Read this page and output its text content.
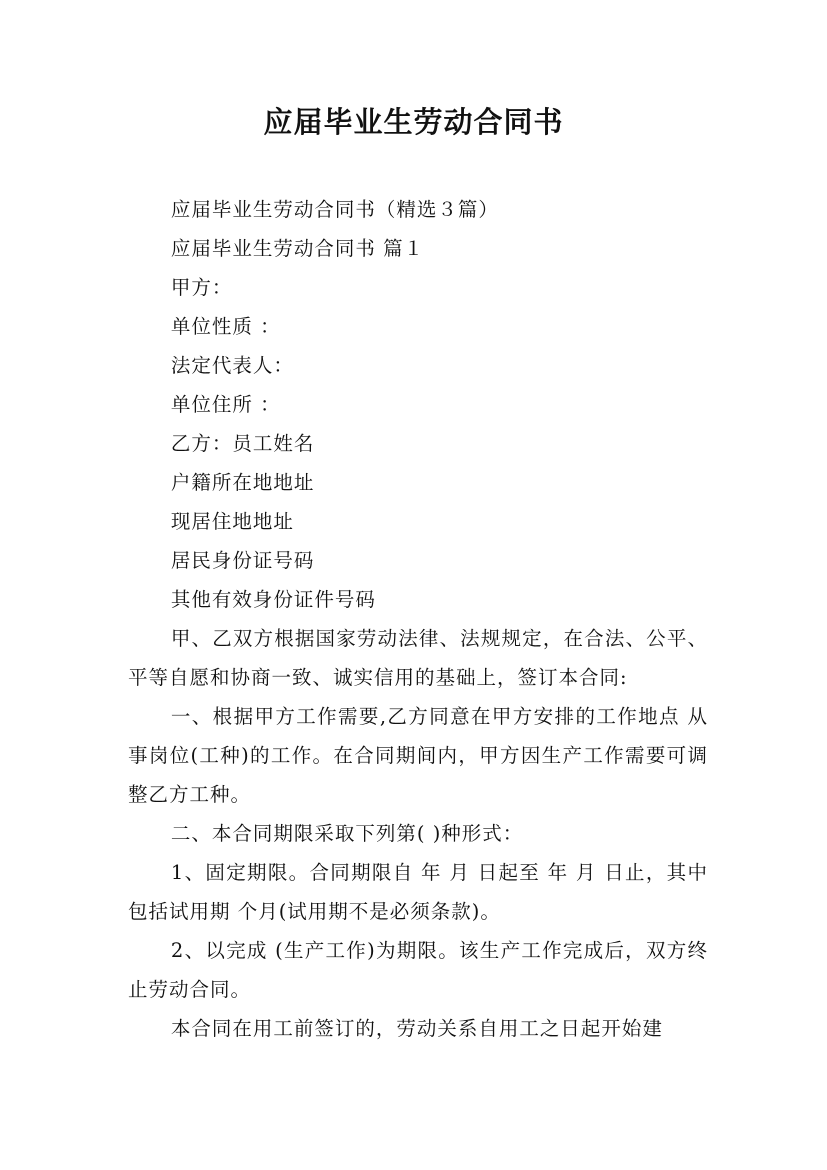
应届毕业生劳动合同书

应届毕业生劳动合同书（精选３篇）

应届毕业生劳动合同书 篇１

甲方：

单位性质 ：

法定代表人：

单位住所 ：

乙方：员工姓名

户籍所在地地址

现居住地地址

居民身份证号码

其他有效身份证件号码

甲、乙双方根据国家劳动法律、法规规定，在合法、公平、平等自愿和协商一致、诚实信用的基础上，签订本合同:

一、根据甲方工作需要,乙方同意在甲方安排的工作地点 从事岗位(工种)的工作。在合同期间内，甲方因生产工作需要可调整乙方工种。

二、本合同期限采取下列第( )种形式：

1、固定期限。合同期限自 年 月 日起至 年 月 日止，其中包括试用期 个月(试用期不是必须条款)。

2、以完成 (生产工作)为期限。该生产工作完成后，双方终止劳动合同。

本合同在用工前签订的，劳动关系自用工之日起开始建
